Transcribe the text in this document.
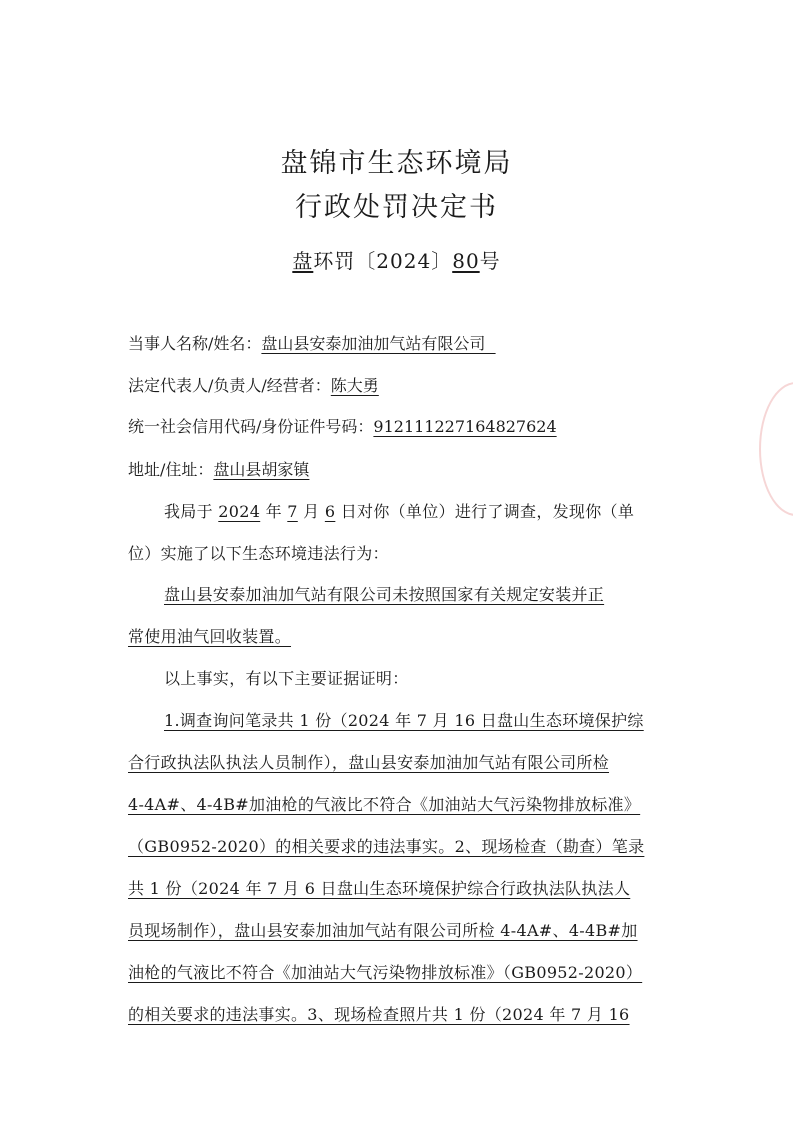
盘锦市生态环境局
行政处罚决定书
盘环罚〔2024〕80号
当事人名称/姓名：盘山县安泰加油加气站有限公司
法定代表人/负责人/经营者：陈大勇
统一社会信用代码/身份证件号码：912111227164827624
地址/住址：盘山县胡家镇
我局于 2024 年 7 月 6 日对你（单位）进行了调查，发现你（单
位）实施了以下生态环境违法行为：
盘山县安泰加油加气站有限公司未按照国家有关规定安装并正
常使用油气回收装置。
以上事实，有以下主要证据证明：
1.调查询问笔录共 1 份（2024 年 7 月 16 日盘山生态环境保护综
合行政执法队执法人员制作），盘山县安泰加油加气站有限公司所检
4-4A#、4-4B#加油枪的气液比不符合《加油站大气污染物排放标准》
（GB0952-2020）的相关要求的违法事实。2、现场检查（勘查）笔录
共 1 份（2024 年 7 月 6 日盘山生态环境保护综合行政执法队执法人
员现场制作），盘山县安泰加油加气站有限公司所检 4-4A#、4-4B#加
油枪的气液比不符合《加油站大气污染物排放标准》（GB0952-2020）
的相关要求的违法事实。3、现场检查照片共 1 份（2024 年 7 月 16
